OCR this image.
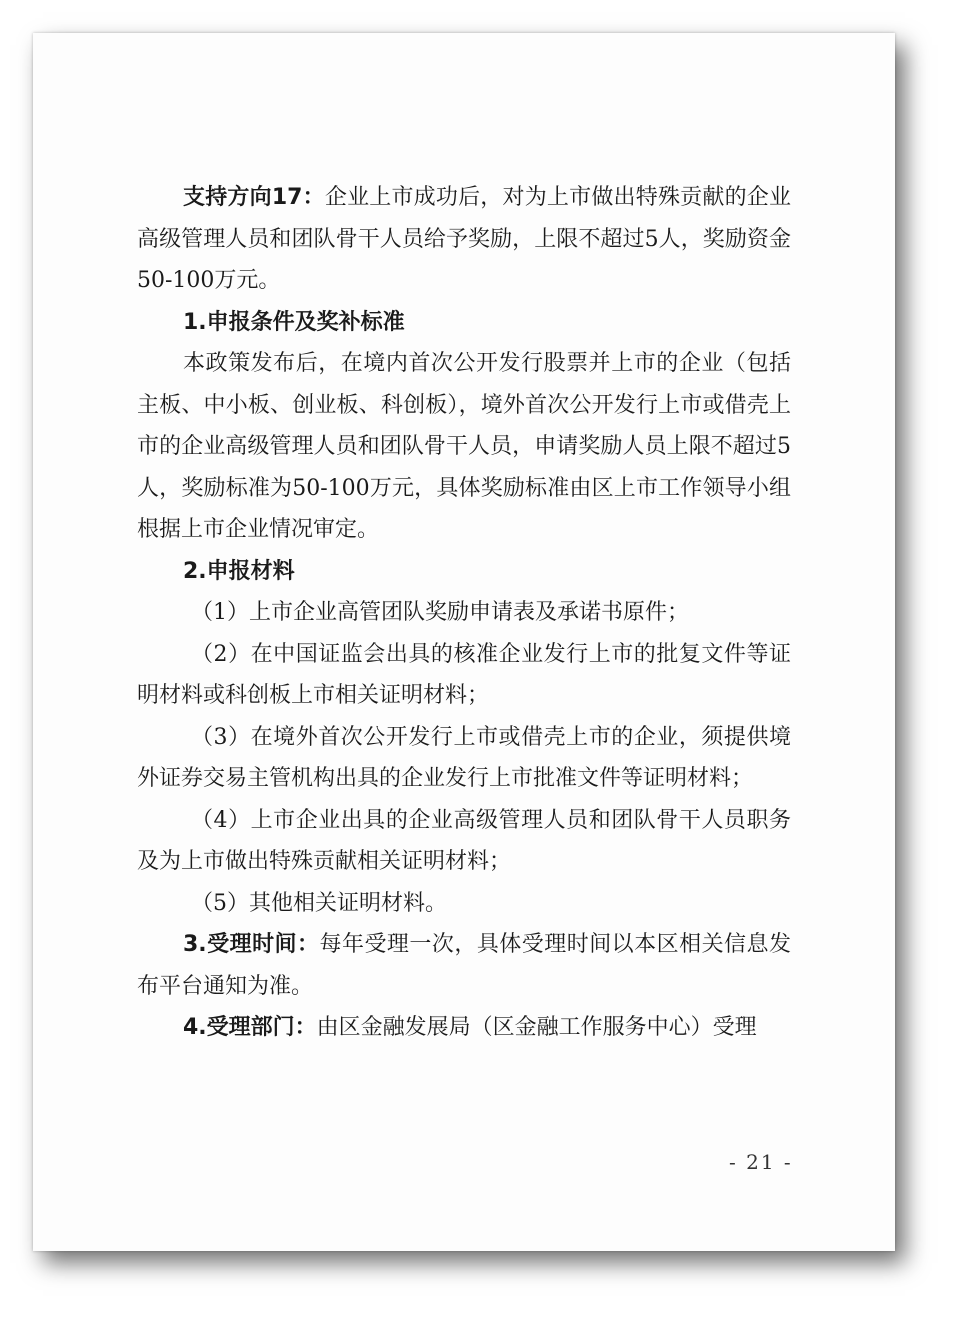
支持方向17：企业上市成功后，对为上市做出特殊贡献的企业高级管理人员和团队骨干人员给予奖励，上限不超过5人，奖励资金50-100万元。

1.申报条件及奖补标准

本政策发布后，在境内首次公开发行股票并上市的企业（包括主板、中小板、创业板、科创板），境外首次公开发行上市或借壳上市的企业高级管理人员和团队骨干人员，申请奖励人员上限不超过5人，奖励标准为50-100万元，具体奖励标准由区上市工作领导小组根据上市企业情况审定。

2.申报材料

（1）上市企业高管团队奖励申请表及承诺书原件；

（2）在中国证监会出具的核准企业发行上市的批复文件等证明材料或科创板上市相关证明材料；

（3）在境外首次公开发行上市或借壳上市的企业，须提供境外证券交易主管机构出具的企业发行上市批准文件等证明材料；

（4）上市企业出具的企业高级管理人员和团队骨干人员职务及为上市做出特殊贡献相关证明材料；

（5）其他相关证明材料。

3.受理时间：每年受理一次，具体受理时间以本区相关信息发布平台通知为准。

4.受理部门：由区金融发展局（区金融工作服务中心）受理

- 21 -
